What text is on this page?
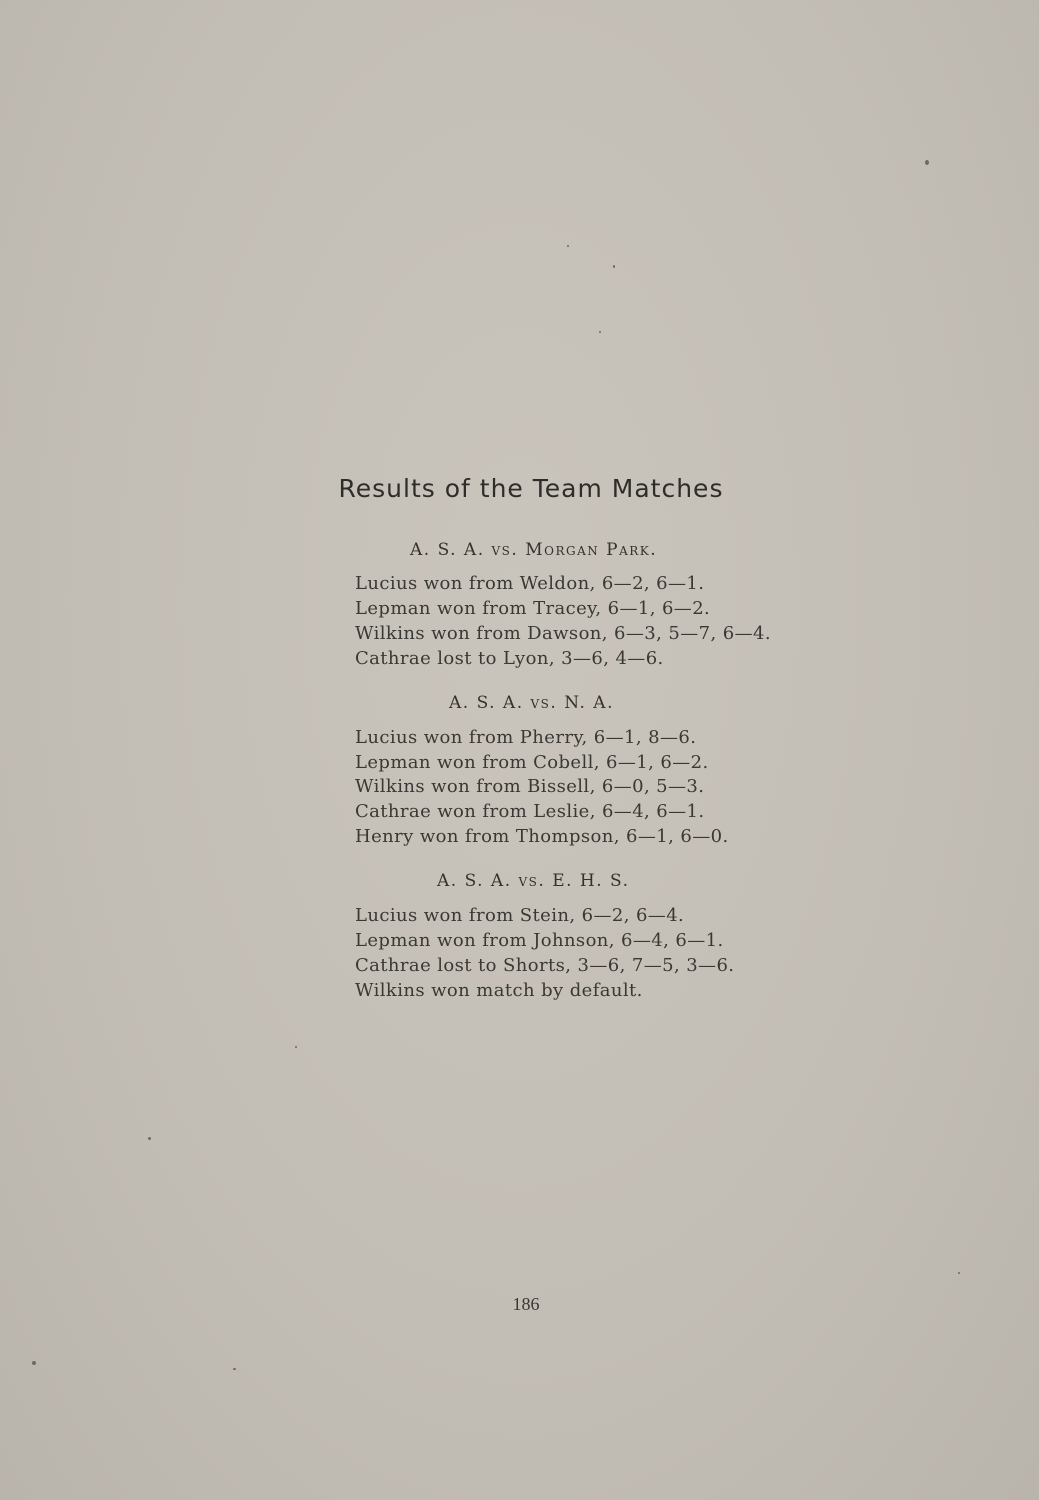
Results of the Team Matches
A. S. A. vs. Morgan Park.

Lucius won from Weldon, 6—2, 6—1.

Lepman won from Tracey, 6—1, 6—2.

Wilkins won from Dawson, 6—3, 5—7, 6—4.

Cathrae lost to Lyon, 3—6, 4—6.

A. S. A. vs. N. A.

Lucius won from Pherry, 6—1, 8—6.

Lepman won from Cobell, 6—1, 6—2.

Wilkins won from Bissell, 6—0, 5—3.

Cathrae won from Leslie, 6—4, 6—1.

Henry won from Thompson, 6—1, 6—0.

A. S. A. vs. E. H. S.

Lucius won from Stein, 6—2, 6—4.

Lepman won from Johnson, 6—4, 6—1.

Cathrae lost to Shorts, 3—6, 7—5, 3—6.

Wilkins won match by default.

186
